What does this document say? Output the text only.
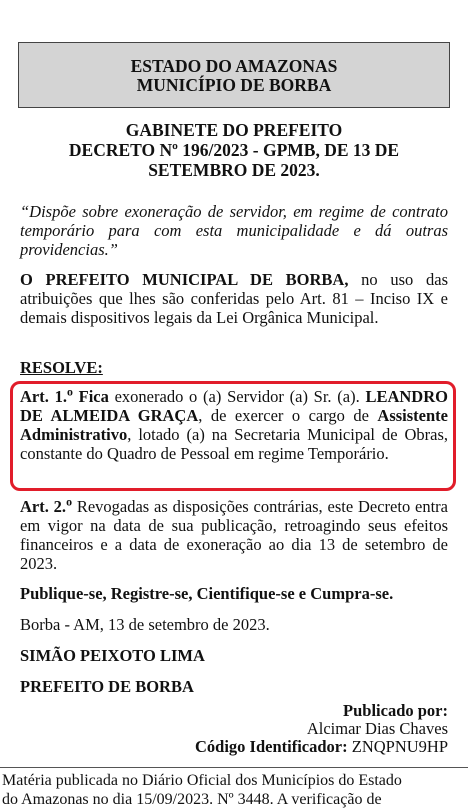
ESTADO DO AMAZONAS
MUNICÍPIO DE BORBA
GABINETE DO PREFEITO
DECRETO Nº 196/2023 - GPMB, DE 13 DE
SETEMBRO DE 2023.
“Dispõe sobre exoneração de servidor, em regime de contrato temporário para com esta municipalidade e dá outras providencias.”
O PREFEITO MUNICIPAL DE BORBA, no uso das atribuições que lhes são conferidas pelo Art. 81 – Inciso IX e demais dispositivos legais da Lei Orgânica Municipal.
RESOLVE:
Art. 1.$^o$ Fica exonerado o (a) Servidor (a) Sr. (a). LEANDRO DE ALMEIDA GRAÇA, de exercer o cargo de Assistente Administrativo, lotado (a) na Secretaria Municipal de Obras, constante do Quadro de Pessoal em regime Temporário.
Art. 2.$^o$ Revogadas as disposições contrárias, este Decreto entra em vigor na data de sua publicação, retroagindo seus efeitos financeiros e a data de exoneração ao dia 13 de setembro de 2023.
Publique-se, Registre-se, Cientifique-se e Cumpra-se.
Borba - AM, 13 de setembro de 2023.
SIMÃO PEIXOTO LIMA
PREFEITO DE BORBA
Publicado por:
Alcimar Dias Chaves
Código Identificador: ZNQPNU9HP
Matéria publicada no Diário Oficial dos Municípios do Estado
do Amazonas no dia 15/09/2023. Nº 3448. A verificação de
